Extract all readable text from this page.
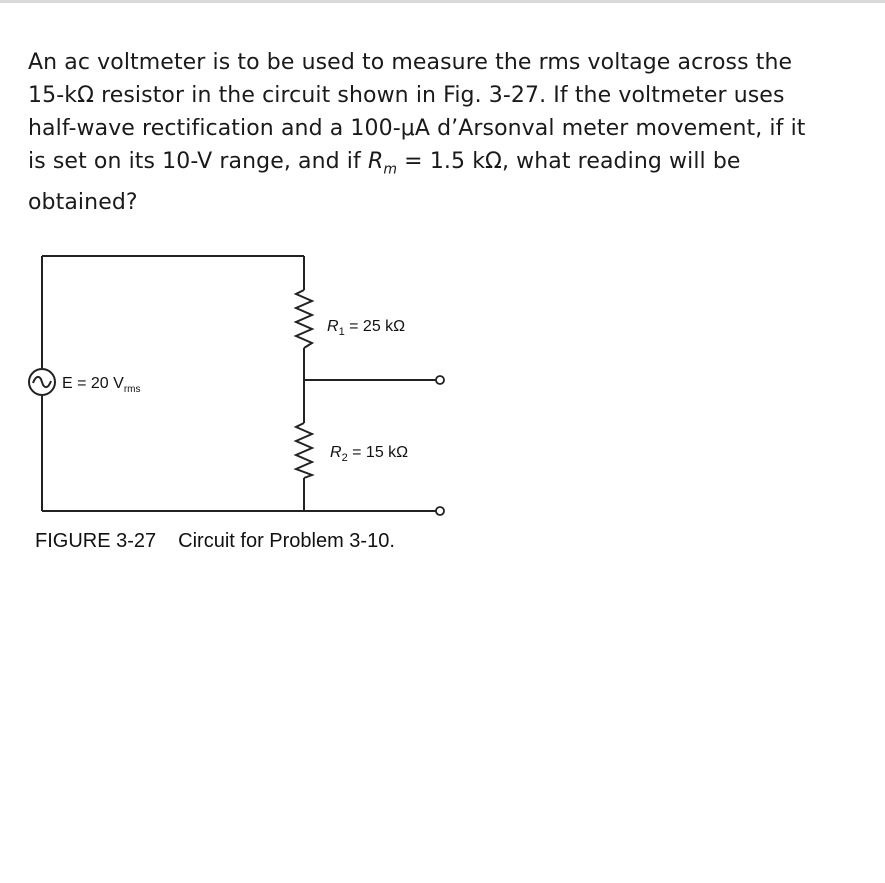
An ac voltmeter is to be used to measure the rms voltage across the
15-kΩ resistor in the circuit shown in Fig. 3-27. If the voltmeter uses
half-wave rectification and a 100-μA d’Arsonval meter movement, if it
is set on its 10-V range, and if $R_m = 1.5$ kΩ, what reading will be
obtained?
E = 20 $V_{rms}$
$R_1 = 25$ kΩ
$R_2 = 15$ kΩ
FIGURE 3-27 Circuit for Problem 3-10.
